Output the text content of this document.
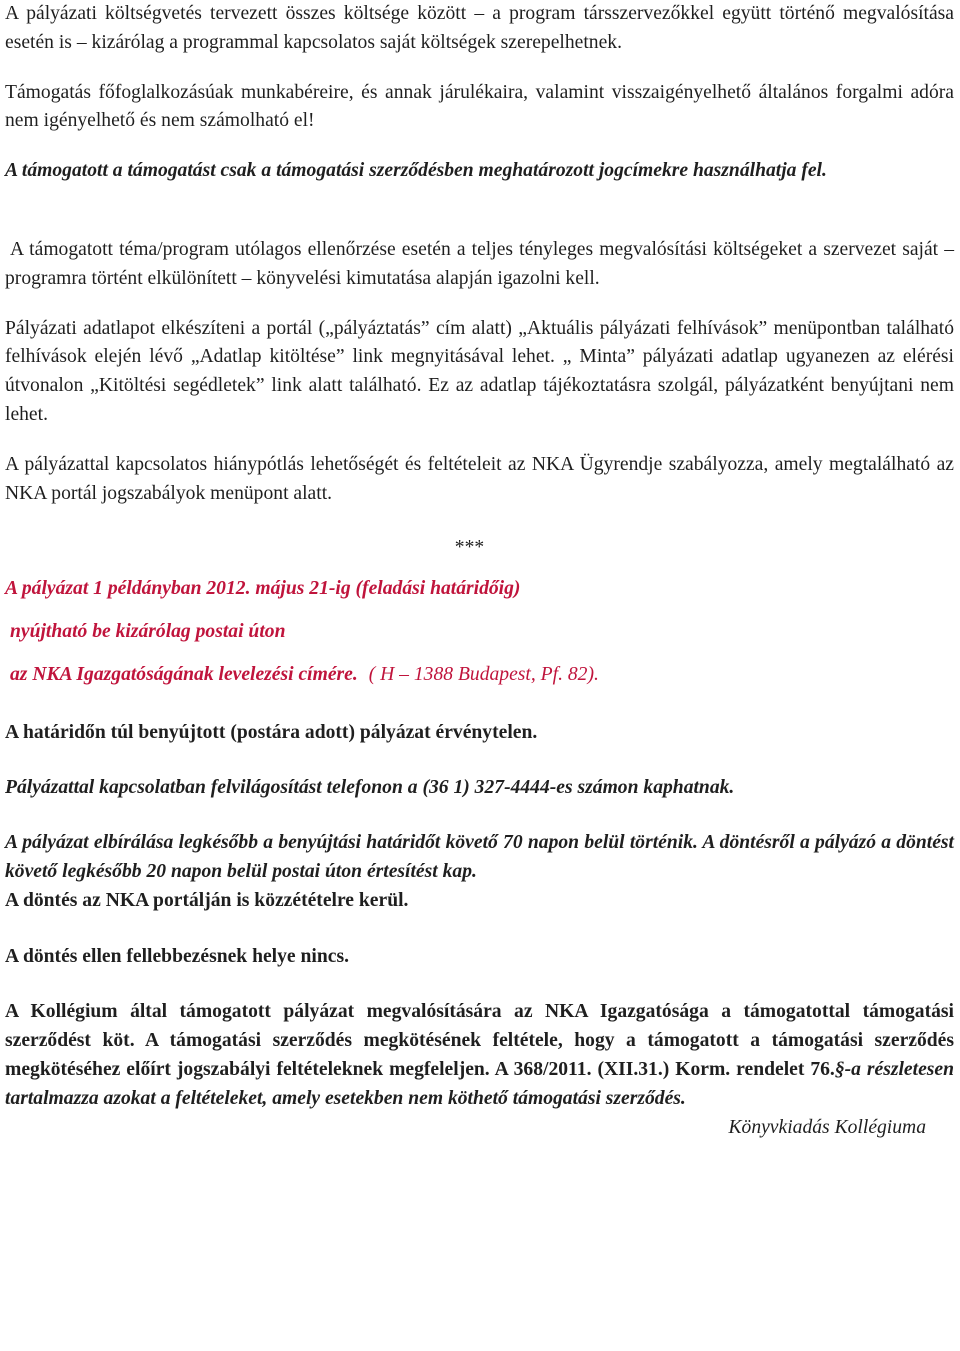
A pályázati költségvetés tervezett összes költsége között – a program társszervezőkkel együtt történő megvalósítása esetén is – kizárólag a programmal kapcsolatos saját költségek szerepelhetnek.

Támogatás főfoglalkozásúak munkabéreire, és annak járulékaira, valamint visszaigényelhető általános forgalmi adóra nem igényelhető és nem számolható el!

A támogatott a támogatást csak a támogatási szerződésben meghatározott jogcímekre használhatja fel.

A támogatott téma/program utólagos ellenőrzése esetén a teljes tényleges megvalósítási költségeket a szervezet saját – programra történt elkülönített – könyvelési kimutatása alapján igazolni kell.

Pályázati adatlapot elkészíteni a portál („pályáztatás” cím alatt) „Aktuális pályázati felhívások” menüpontban található felhívások elején lévő „Adatlap kitöltése” link megnyitásával lehet. „ Minta” pályázati adatlap ugyanezen az elérési útvonalon „Kitöltési segédletek” link alatt található. Ez az adatlap tájékoztatásra szolgál, pályázatként benyújtani nem lehet.

A pályázattal kapcsolatos hiánypótlás lehetőségét és feltételeit az NKA Ügyrendje szabályozza, amely megtalálható az NKA portál jogszabályok menüpont alatt.

***

A pályázat 1 példányban 2012. május 21-ig (feladási határidőig)

nyújtható be kizárólag postai úton

az NKA Igazgatóságának levelezési címére. ( H – 1388 Budapest, Pf. 82).

A határidőn túl benyújtott (postára adott) pályázat érvénytelen.

Pályázattal kapcsolatban felvilágosítást telefonon a (36 1) 327-4444-es számon kaphatnak.

A pályázat elbírálása legkésőbb a benyújtási határidőt követő 70 napon belül történik. A döntésről a pályázó a döntést követő legkésőbb 20 napon belül postai úton értesítést kap.

A döntés az NKA portálján is közzétételre kerül.

A döntés ellen fellebbezésnek helye nincs.

A Kollégium által támogatott pályázat megvalósítására az NKA Igazgatósága a támogatottal támogatási szerződést köt. A támogatási szerződés megkötésének feltétele, hogy a támogatott a támogatási szerződés megkötéséhez előírt jogszabályi feltételeknek megfeleljen. A 368/2011. (XII.31.) Korm. rendelet 76.§-a részletesen tartalmazza azokat a feltételeket, amely esetekben nem köthető támogatási szerződés.

Könyvkiadás Kollégiuma
